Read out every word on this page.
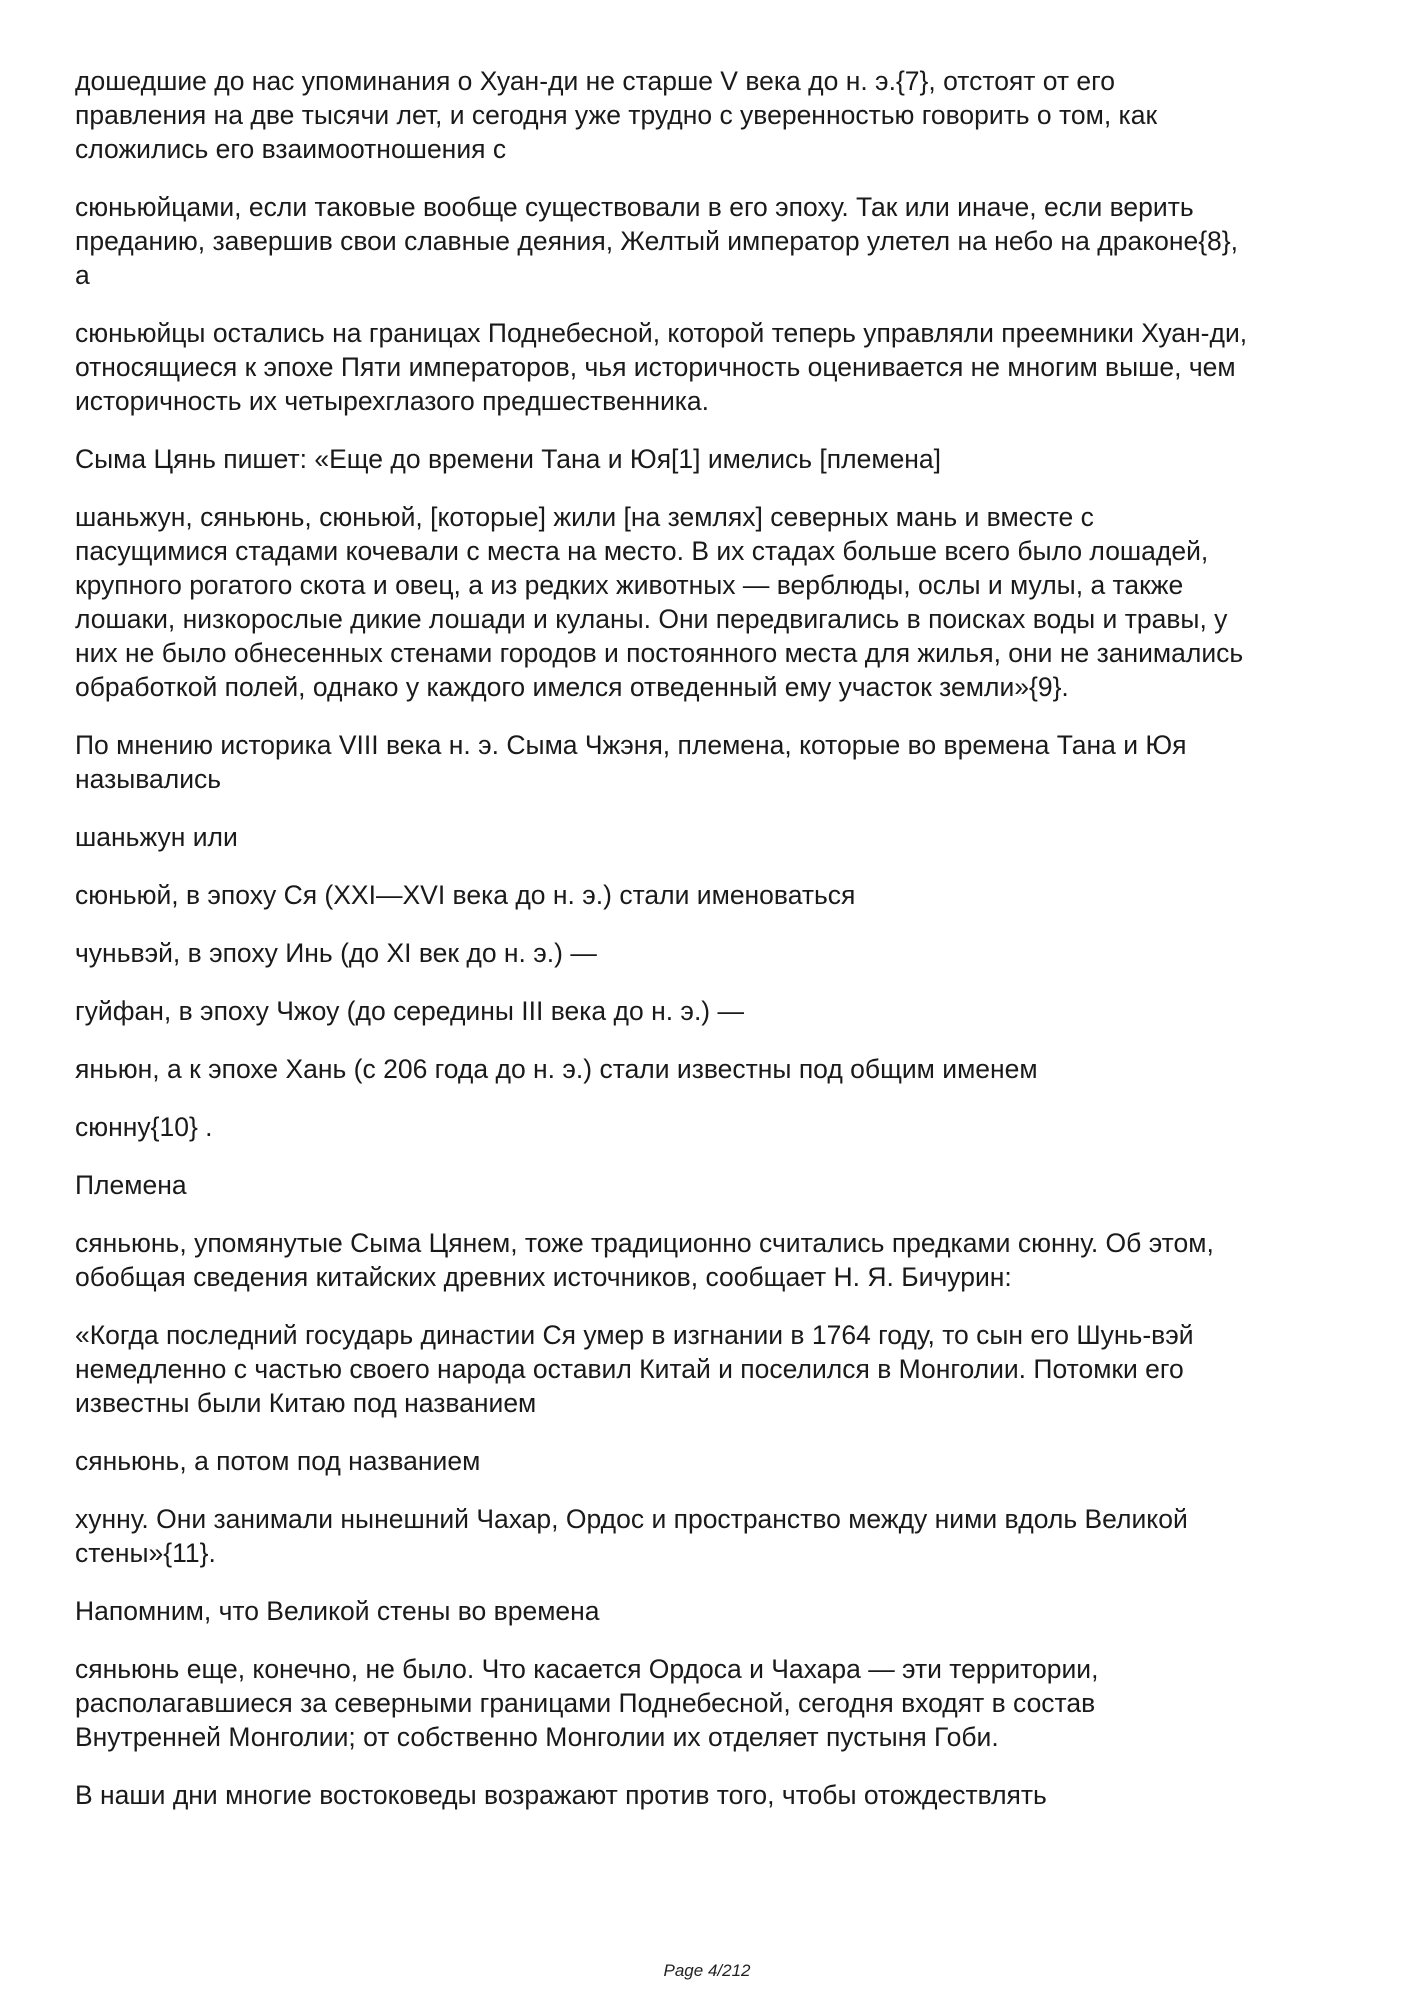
дошедшие до нас упоминания о Хуан-ди не старше V века до н. э.{7}, отстоят от его
правления на две тысячи лет, и сегодня уже трудно с уверенностью говорить о том, как
сложились его взаимоотношения с

сюньюйцами, если таковые вообще существовали в его эпоху. Так или иначе, если верить
преданию, завершив свои славные деяния, Желтый император улетел на небо на драконе{8},
а

сюньюйцы остались на границах Поднебесной, которой теперь управляли преемники Хуан-ди,
относящиеся к эпохе Пяти императоров, чья историчность оценивается не многим выше, чем
историчность их четырехглазого предшественника.

Сыма Цянь пишет: «Еще до времени Тана и Юя[1] имелись [племена]

шаньжун, сяньюнь, сюньюй, [которые] жили [на землях] северных мань и вместе с
пасущимися стадами кочевали с места на место. В их стадах больше всего было лошадей,
крупного рогатого скота и овец, а из редких животных — верблюды, ослы и мулы, а также
лошаки, низкорослые дикие лошади и куланы. Они передвигались в поисках воды и травы, у
них не было обнесенных стенами городов и постоянного места для жилья, они не занимались
обработкой полей, однако у каждого имелся отведенный ему участок земли»{9}.

По мнению историка VIII века н. э. Сыма Чжэня, племена, которые во времена Тана и Юя
назывались

шаньжун или

сюньюй, в эпоху Ся (XXI—XVI века до н. э.) стали именоваться

чуньвэй, в эпоху Инь (до XI век до н. э.) —

гуйфан, в эпоху Чжоу (до середины III века до н. э.) —

яньюн, а к эпохе Хань (с 206 года до н. э.) стали известны под общим именем

сюнну{10} .

Племена

сяньюнь, упомянутые Сыма Цянем, тоже традиционно считались предками сюнну. Об этом,
обобщая сведения китайских древних источников, сообщает Н. Я. Бичурин:

«Когда последний государь династии Ся умер в изгнании в 1764 году, то сын его Шунь-вэй
немедленно с частью своего народа оставил Китай и поселился в Монголии. Потомки его
известны были Китаю под названием

сяньюнь, а потом под названием

хунну. Они занимали нынешний Чахар, Ордос и пространство между ними вдоль Великой
стены»{11}.

Напомним, что Великой стены во времена

сяньюнь еще, конечно, не было. Что касается Ордоса и Чахара — эти территории,
располагавшиеся за северными границами Поднебесной, сегодня входят в состав
Внутренней Монголии; от собственно Монголии их отделяет пустыня Гоби.

В наши дни многие востоковеды возражают против того, чтобы отождествлять

Page 4/212
